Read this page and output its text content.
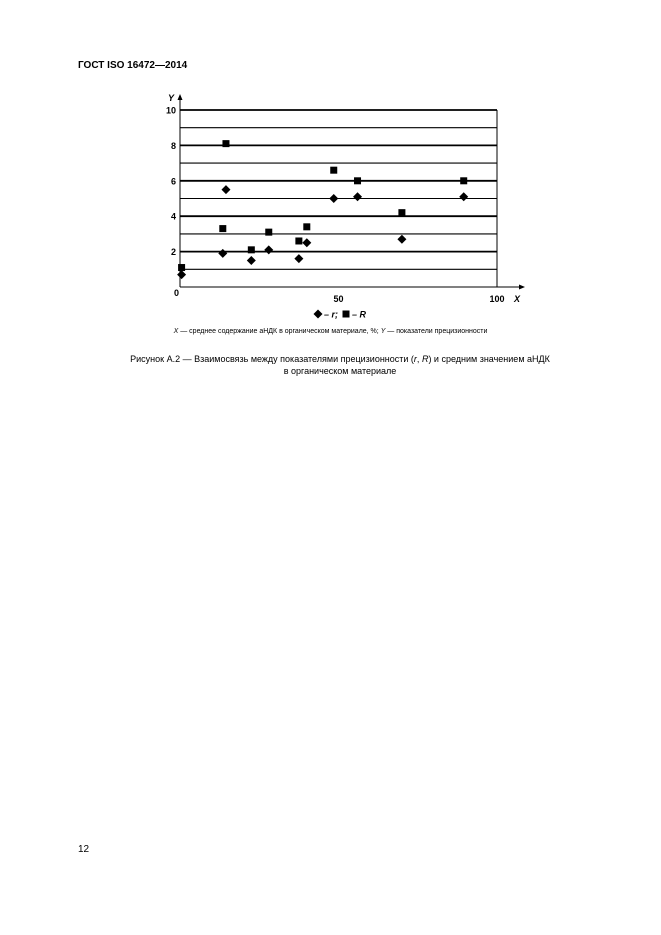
ГОСТ ISO 16472—2014
Y
X
2
4
6
8
10
0
50	100
– r; – R
X — среднее содержание аНДК в органическом материале, %; Y — показатели прецизионности
Рисунок А.2 — Взаимосвязь между показателями прецизионности (r, R) и средним значением аНДК
в органическом материале
12
